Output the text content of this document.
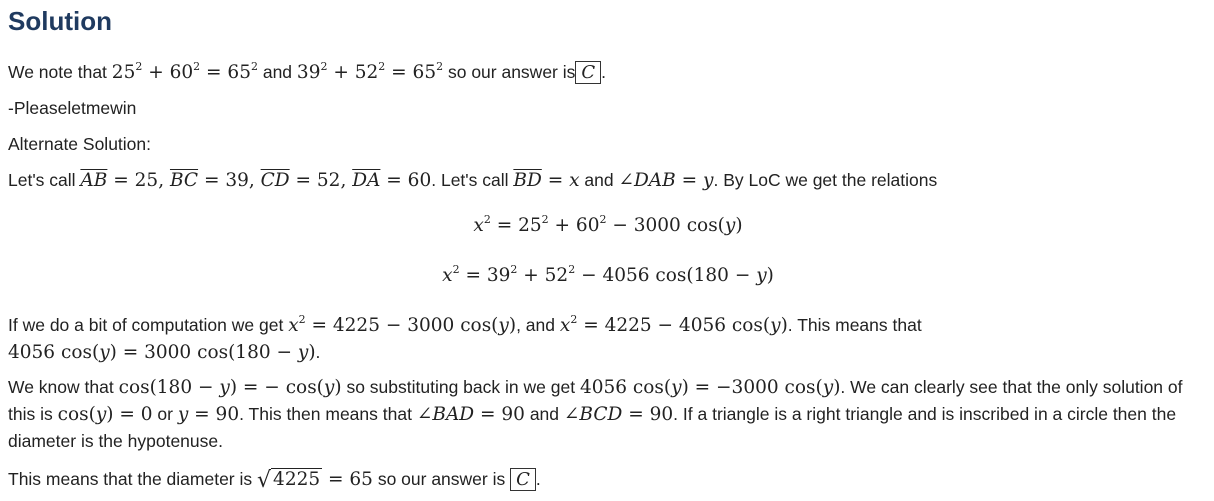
Solution
We note that $25^2 + 60^2 = 65^2$ and $39^2 + 52^2 = 65^2$ so our answer is C .
-Pleaseletmewin
Alternate Solution:
Let's call $\overline{AB} = 25$, $\overline{BC} = 39$, $\overline{CD} = 52$, $\overline{DA} = 60$. Let's call $\overline{BD} = x$ and ∠DAB = y. By LoC we get the relations
$x^2 = 25^2 + 60^2 - 3000$ cos(y)
$x^2 = 39^2 + 52^2 - 4056$ cos(180 − y)
If we do a bit of computation we get $x^2 = 4225 - 3000$ cos(y), and $x^2 = 4225 - 4056$ cos(y). This means that
4056 cos(y) = 3000 cos(180 − y).
We know that cos(180 − y) = − cos(y) so substituting back in we get 4056 cos(y) = −3000 cos(y). We can clearly see that the only solution of this is cos(y) = 0 or y = 90. This then means that ∠BAD = 90 and ∠BCD = 90. If a triangle is a right triangle and is inscribed in a circle then the diameter is the hypotenuse.
This means that the diameter is √ 4225 = 65 so our answer is C .
